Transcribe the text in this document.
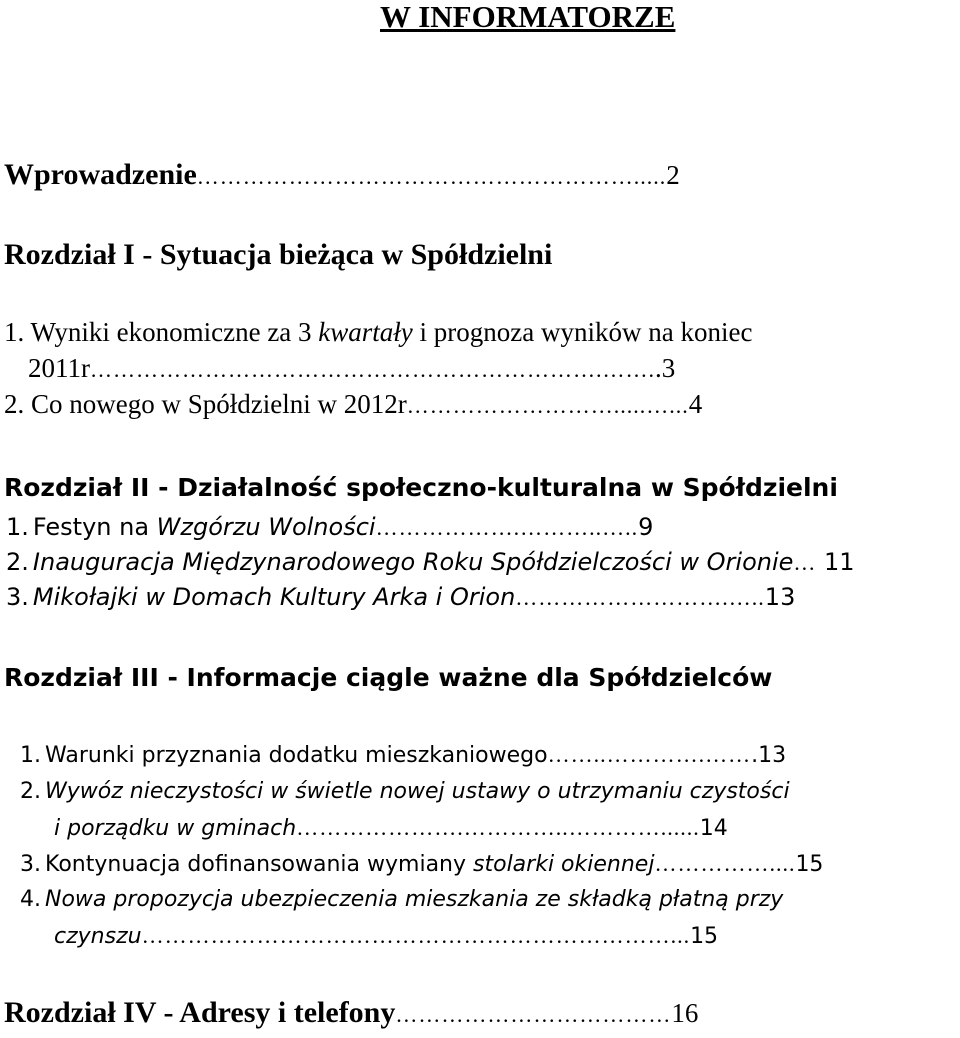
W INFORMATORZE
Wprowadzenie………………………………………………….....2
Rozdział I - Sytuacja bieżąca w Spółdzielni
1. Wyniki ekonomiczne za 3 kwartały i prognoza wyników na koniec
2011r………………………………………………………….……..3
2. Co nowego w Spółdzielni w 2012r……………………….....…...4
Rozdział II - Działalność społeczno-kulturalna w Spółdzielni
1. Festyn na Wzgórzu Wolności……………….………..…..9
2. Inauguracja Międzynarodowego Roku Spółdzielczości w Orionie… 11
3. Mikołajki w Domach Kultury Arka i Orion……………………….…..13
Rozdział III - Informacje ciągle ważne dla Spółdzielców
1. Warunki przyznania dodatku mieszkaniowego……..………….…….13
2. Wywóz nieczystości w świetle nowej ustawy o utrzymaniu czystości
i porządku w gminach………………….…………..…………......14
3. Kontynuacja dofinansowania wymiany stolarki okiennej……………....15
4. Nowa propozycja ubezpieczenia mieszkania ze składką płatną przy
czynszu……………………………………………………………...15
Rozdział IV - Adresy i telefony………………………………16
